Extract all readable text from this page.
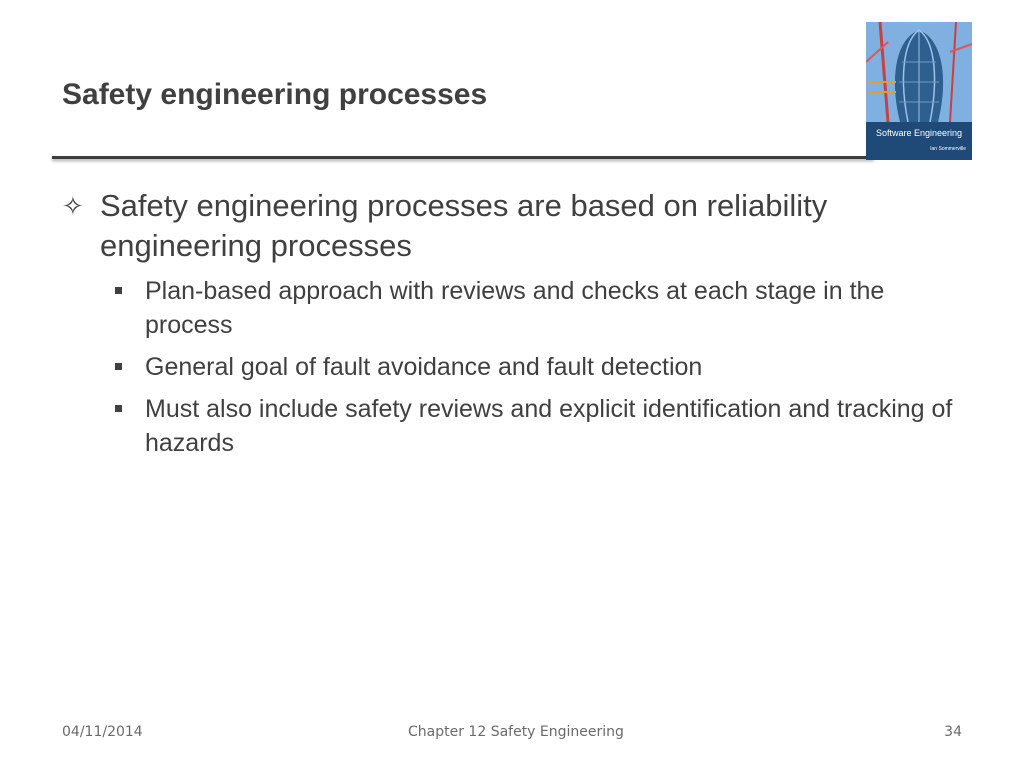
Safety engineering processes
Software Engineering
Ian Sommerville
✧ Safety engineering processes are based on reliability engineering processes
Plan-based approach with reviews and checks at each stage in the process
General goal of fault avoidance and fault detection
Must also include safety reviews and explicit identification and tracking of hazards
04/11/2014	Chapter 12 Safety Engineering	34
